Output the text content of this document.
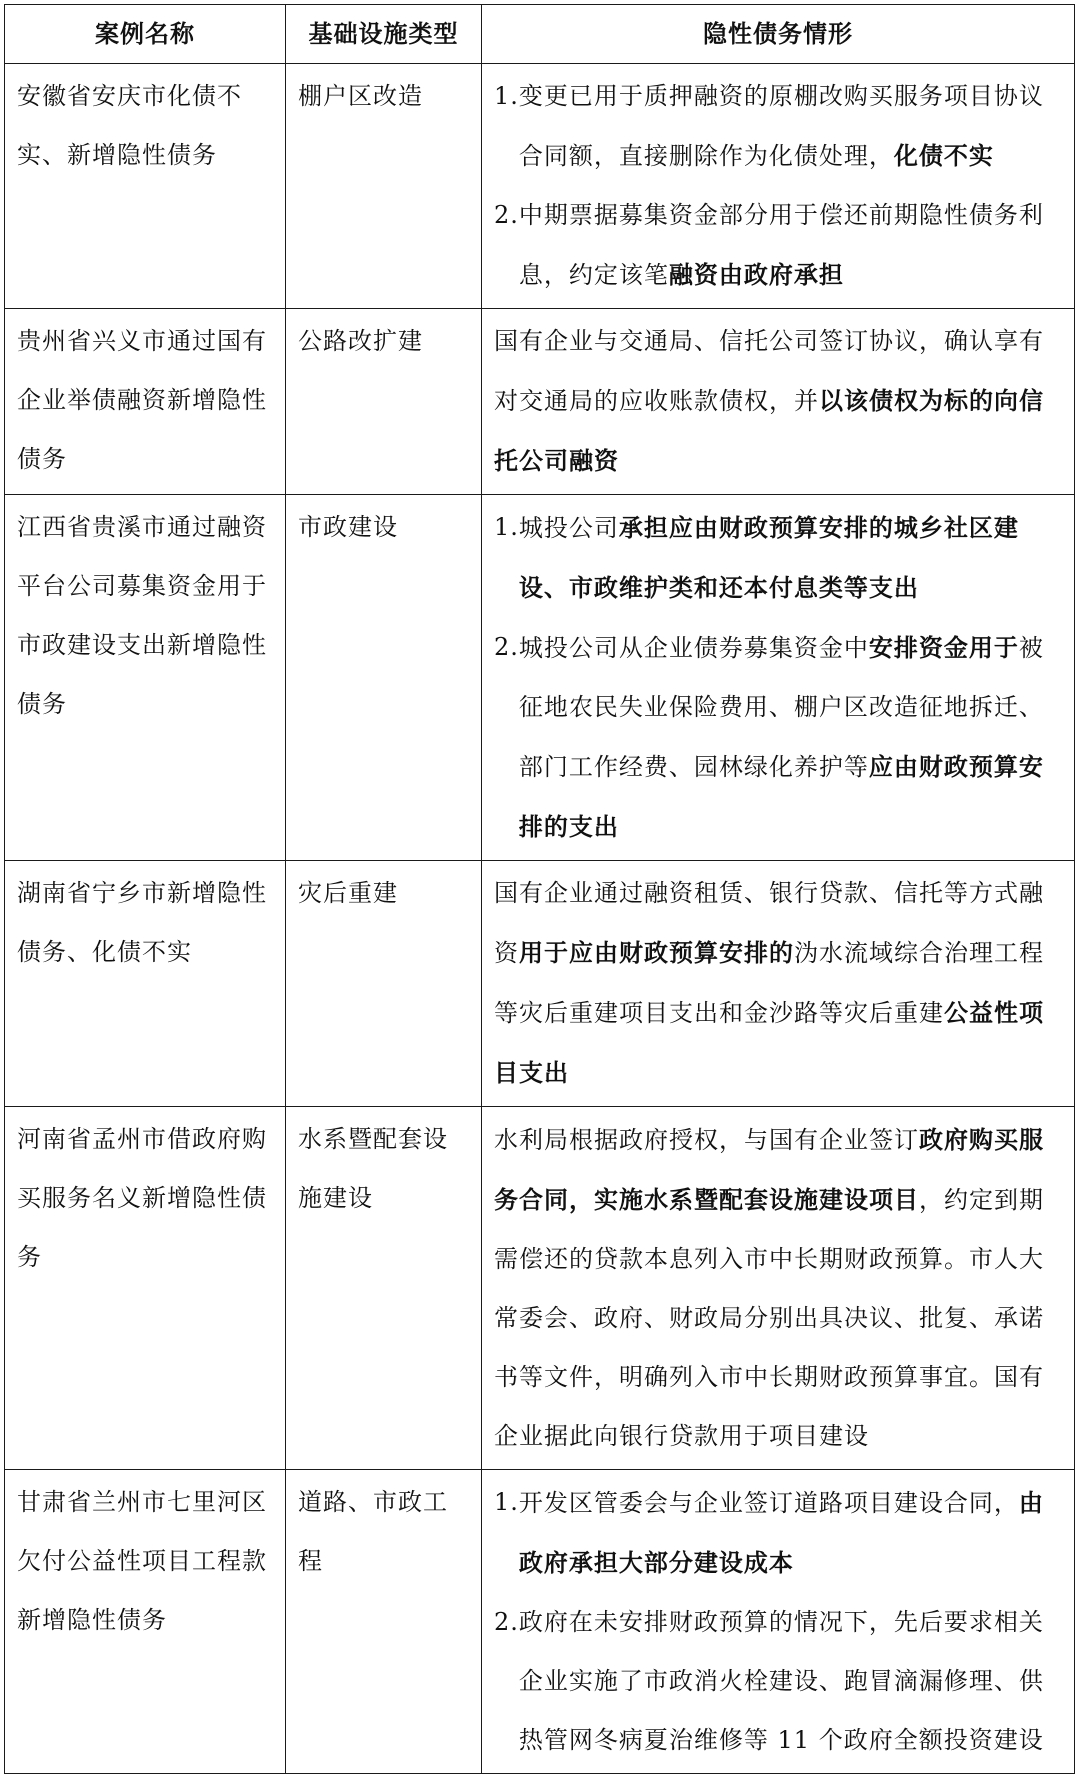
案例名称	基础设施类型	隐性债务情形

安徽省安庆市化债不实、新增隐性债务	棚户区改造	1. 变更已用于质押融资的原棚改购买服务项目协议合同额，直接删除作为化债处理，化债不实
2. 中期票据募集资金部分用于偿还前期隐性债务利息，约定该笔融资由政府承担

贵州省兴义市通过国有企业举债融资新增隐性债务	公路改扩建	国有企业与交通局、信托公司签订协议，确认享有对交通局的应收账款债权，并以该债权为标的向信托公司融资

江西省贵溪市通过融资平台公司募集资金用于市政建设支出新增隐性债务	市政建设	1. 城投公司承担应由财政预算安排的城乡社区建设、市政维护类和还本付息类等支出
2. 城投公司从企业债券募集资金中安排资金用于被征地农民失业保险费用、棚户区改造征地拆迁、部门工作经费、园林绿化养护等应由财政预算安排的支出

湖南省宁乡市新增隐性债务、化债不实	灾后重建	国有企业通过融资租赁、银行贷款、信托等方式融资用于应由财政预算安排的沩水流域综合治理工程等灾后重建项目支出和金沙路等灾后重建公益性项目支出

河南省孟州市借政府购买服务名义新增隐性债务	水系暨配套设施建设	水利局根据政府授权，与国有企业签订政府购买服务合同，实施水系暨配套设施建设项目，约定到期需偿还的贷款本息列入市中长期财政预算。市人大常委会、政府、财政局分别出具决议、批复、承诺书等文件，明确列入市中长期财政预算事宜。国有企业据此向银行贷款用于项目建设

甘肃省兰州市七里河区欠付公益性项目工程款新增隐性债务	道路、市政工程	1. 开发区管委会与企业签订道路项目建设合同，由政府承担大部分建设成本
2. 政府在未安排财政预算的情况下，先后要求相关企业实施了市政消火栓建设、跑冒滴漏修理、供热管网冬病夏治维修等 11 个政府全额投资建设
